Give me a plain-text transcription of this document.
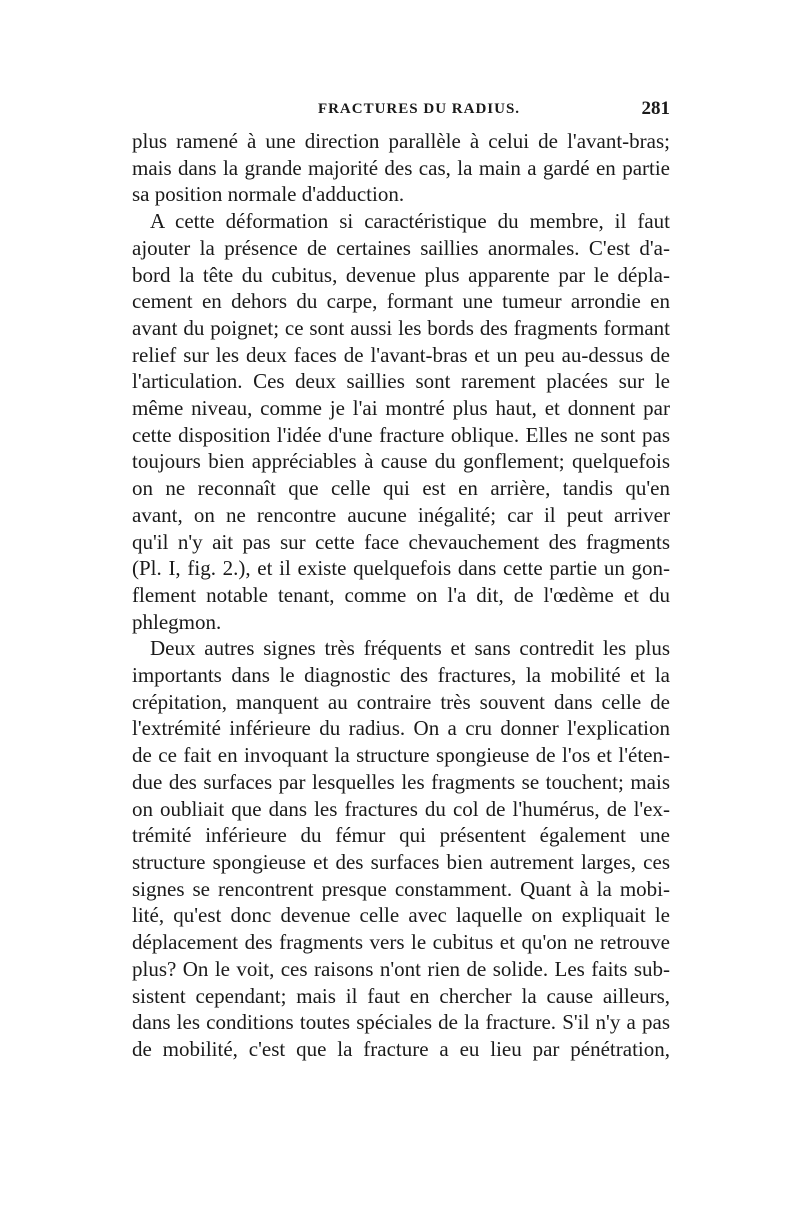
FRACTURES DU RADIUS.	281

plus ramené à une direction parallèle à celui de l'avant-bras;
mais dans la grande majorité des cas, la main a gardé en partie
sa position normale d'adduction.

A cette déformation si caractéristique du membre, il faut
ajouter la présence de certaines saillies anormales. C'est d'a-
bord la tête du cubitus, devenue plus apparente par le dépla-
cement en dehors du carpe, formant une tumeur arrondie en
avant du poignet; ce sont aussi les bords des fragments formant
relief sur les deux faces de l'avant-bras et un peu au-dessus de
l'articulation. Ces deux saillies sont rarement placées sur le
même niveau, comme je l'ai montré plus haut, et donnent par
cette disposition l'idée d'une fracture oblique. Elles ne sont pas
toujours bien appréciables à cause du gonflement; quelquefois
on ne reconnaît que celle qui est en arrière, tandis qu'en
avant, on ne rencontre aucune inégalité; car il peut arriver
qu'il n'y ait pas sur cette face chevauchement des fragments
(Pl. I, fig. 2.), et il existe quelquefois dans cette partie un gon-
flement notable tenant, comme on l'a dit, de l'œdème et du
phlegmon.

Deux autres signes très fréquents et sans contredit les plus
importants dans le diagnostic des fractures, la mobilité et la
crépitation, manquent au contraire très souvent dans celle de
l'extrémité inférieure du radius. On a cru donner l'explication
de ce fait en invoquant la structure spongieuse de l'os et l'éten-
due des surfaces par lesquelles les fragments se touchent; mais
on oubliait que dans les fractures du col de l'humérus, de l'ex-
trémité inférieure du fémur qui présentent également une
structure spongieuse et des surfaces bien autrement larges, ces
signes se rencontrent presque constamment. Quant à la mobi-
lité, qu'est donc devenue celle avec laquelle on expliquait le
déplacement des fragments vers le cubitus et qu'on ne retrouve
plus? On le voit, ces raisons n'ont rien de solide. Les faits sub-
sistent cependant; mais il faut en chercher la cause ailleurs,
dans les conditions toutes spéciales de la fracture. S'il n'y a pas
de mobilité, c'est que la fracture a eu lieu par pénétration,
